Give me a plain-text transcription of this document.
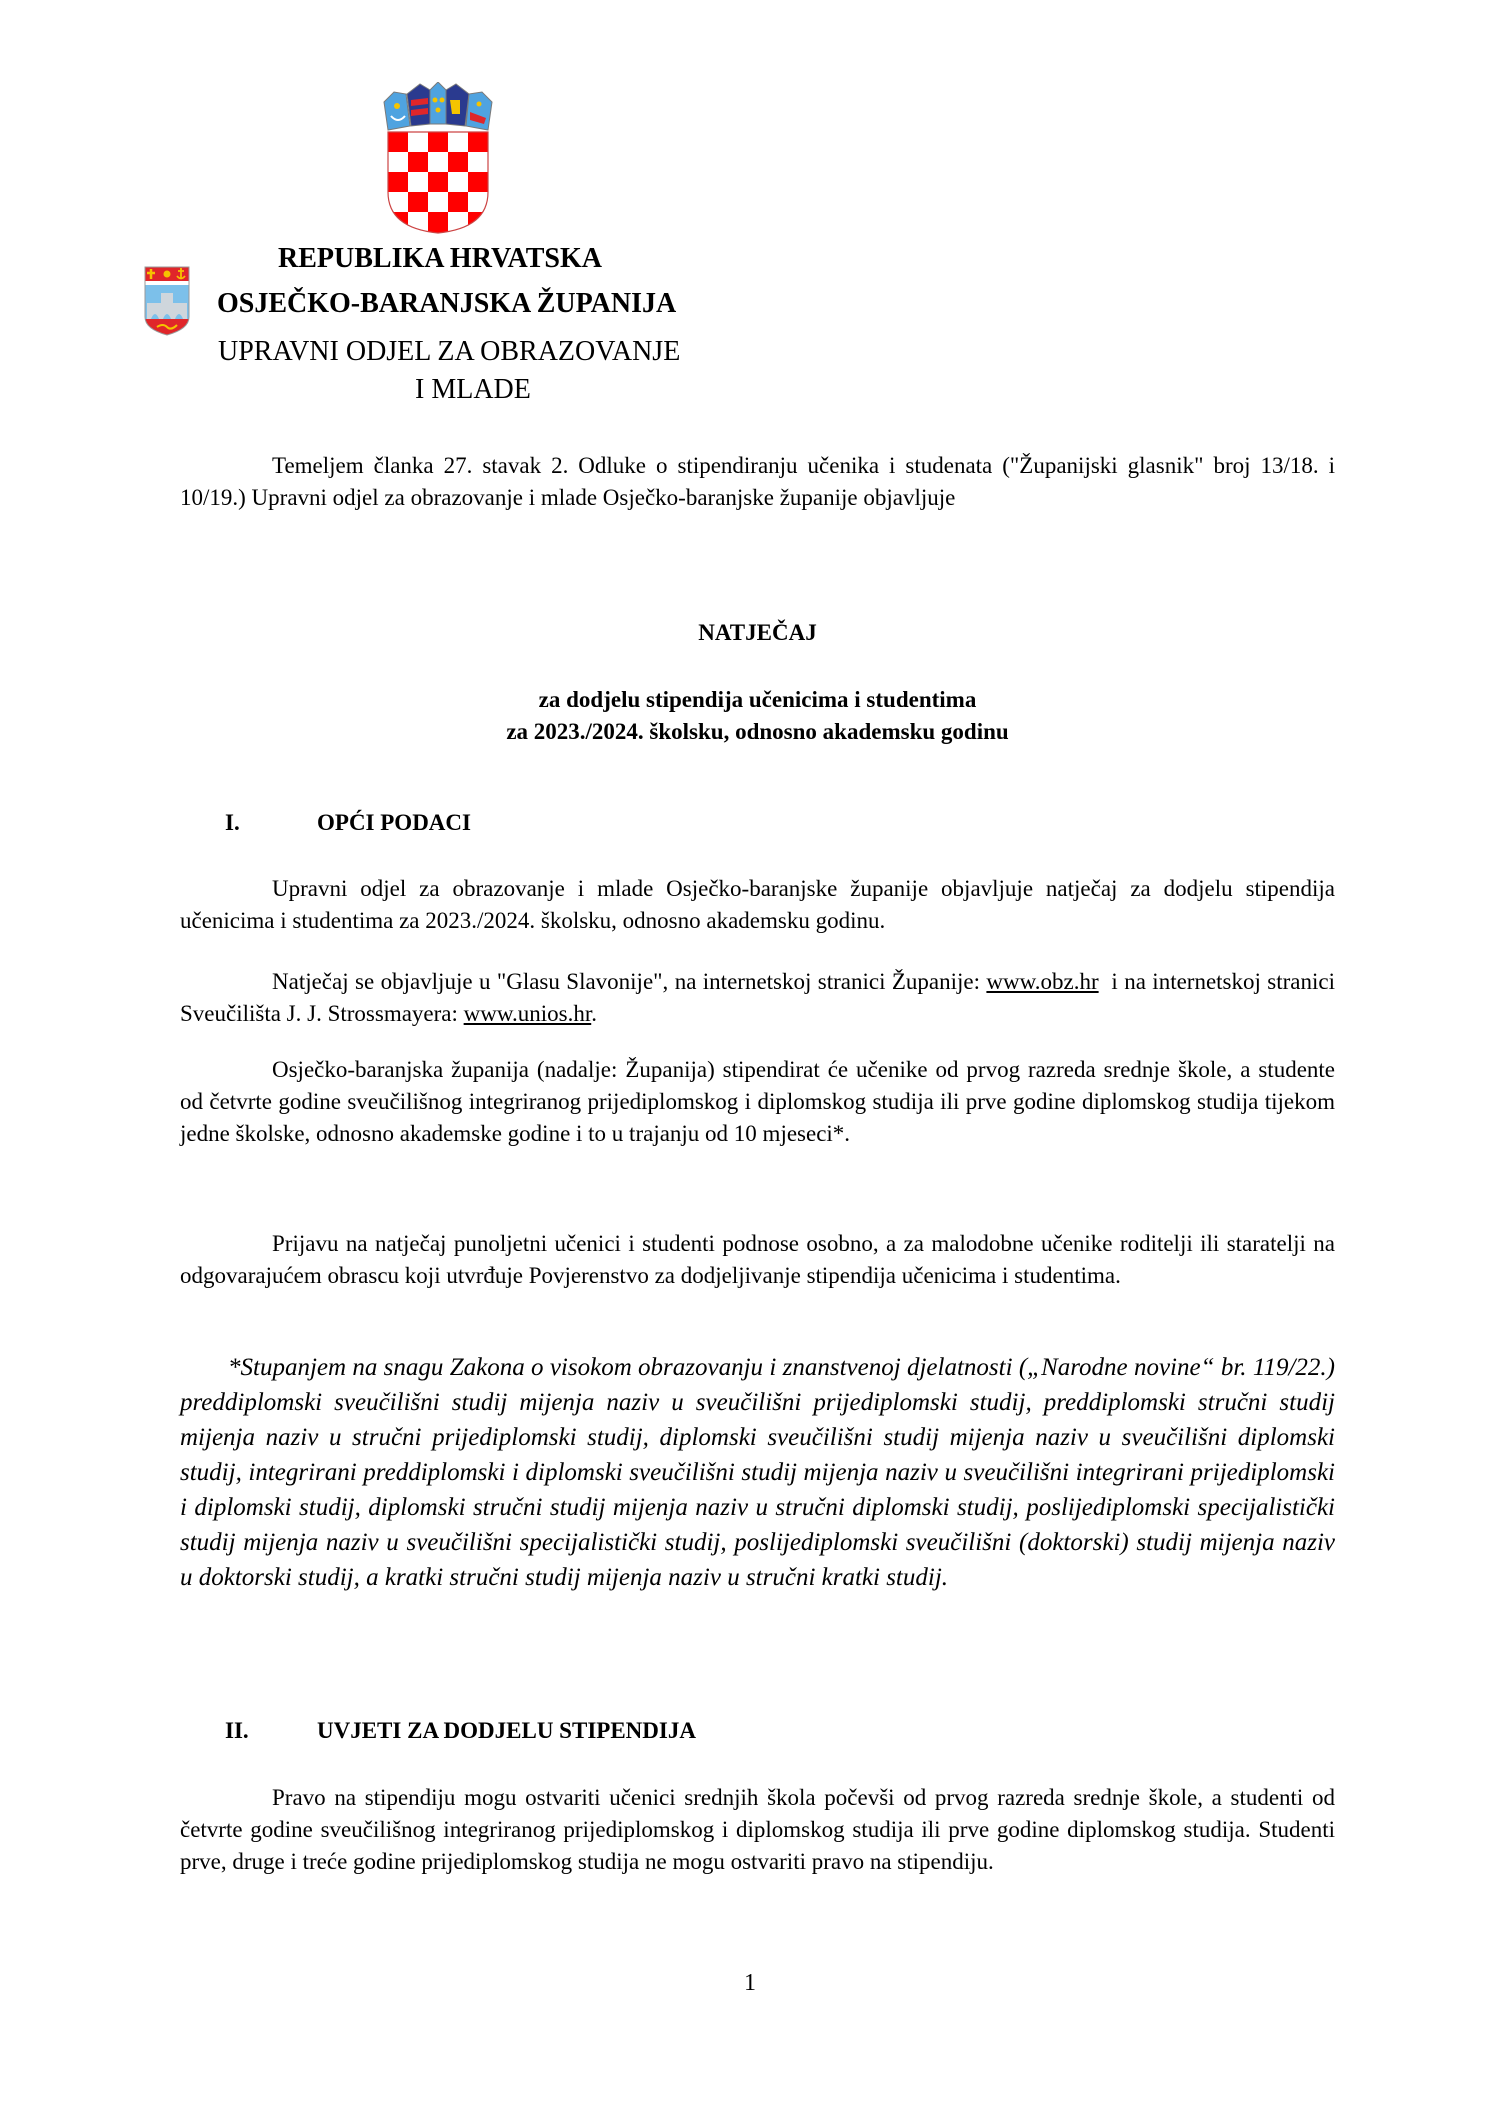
REPUBLIKA HRVATSKA
OSJEČKO-BARANJSKA ŽUPANIJA
UPRAVNI ODJEL ZA OBRAZOVANJE
I MLADE

Temeljem članka 27. stavak 2. Odluke o stipendiranju učenika i studenata ("Županijski glasnik" broj 13/18. i 10/19.) Upravni odjel za obrazovanje i mlade Osječko-baranjske županije objavljuje

NATJEČAJ
za dodjelu stipendija učenicima i studentima
za 2023./2024. školsku, odnosno akademsku godinu
I.	OPĆI PODACI

Upravni odjel za obrazovanje i mlade Osječko-baranjske županije objavljuje natječaj za dodjelu stipendija učenicima i studentima za 2023./2024. školsku, odnosno akademsku godinu.

Natječaj se objavljuje u "Glasu Slavonije", na internetskoj stranici Županije: www.obz.hr  i na internetskoj stranici Sveučilišta J. J. Strossmayera: www.unios.hr.

Osječko-baranjska županija (nadalje: Županija) stipendirat će učenike od prvog razreda srednje škole, a studente od četvrte godine sveučilišnog integriranog prijediplomskog i diplomskog studija ili prve godine diplomskog studija tijekom jedne školske, odnosno akademske godine i to u trajanju od 10 mjeseci*.

Prijavu na natječaj punoljetni učenici i studenti podnose osobno, a za malodobne učenike roditelji ili staratelji na odgovarajućem obrascu koji utvrđuje Povjerenstvo za dodjeljivanje stipendija učenicima i studentima.

*Stupanjem na snagu Zakona o visokom obrazovanju i znanstvenoj djelatnosti („Narodne novine“ br. 119/22.) preddiplomski sveučilišni studij mijenja naziv u sveučilišni prijediplomski studij, preddiplomski stručni studij mijenja naziv u stručni prijediplomski studij, diplomski sveučilišni studij mijenja naziv u sveučilišni diplomski studij, integrirani preddiplomski i diplomski sveučilišni studij mijenja naziv u sveučilišni integrirani prijediplomski i diplomski studij, diplomski stručni studij mijenja naziv u stručni diplomski studij, poslijediplomski specijalistički studij mijenja naziv u sveučilišni specijalistički studij, poslijediplomski sveučilišni (doktorski) studij mijenja naziv u doktorski studij, a kratki stručni studij mijenja naziv u stručni kratki studij.

II.	UVJETI ZA DODJELU STIPENDIJA

Pravo na stipendiju mogu ostvariti učenici srednjih škola počevši od prvog razreda srednje škole, a studenti od četvrte godine sveučilišnog integriranog prijediplomskog i diplomskog studija ili prve godine diplomskog studija. Studenti prve, druge i treće godine prijediplomskog studija ne mogu ostvariti pravo na stipendiju.

1
